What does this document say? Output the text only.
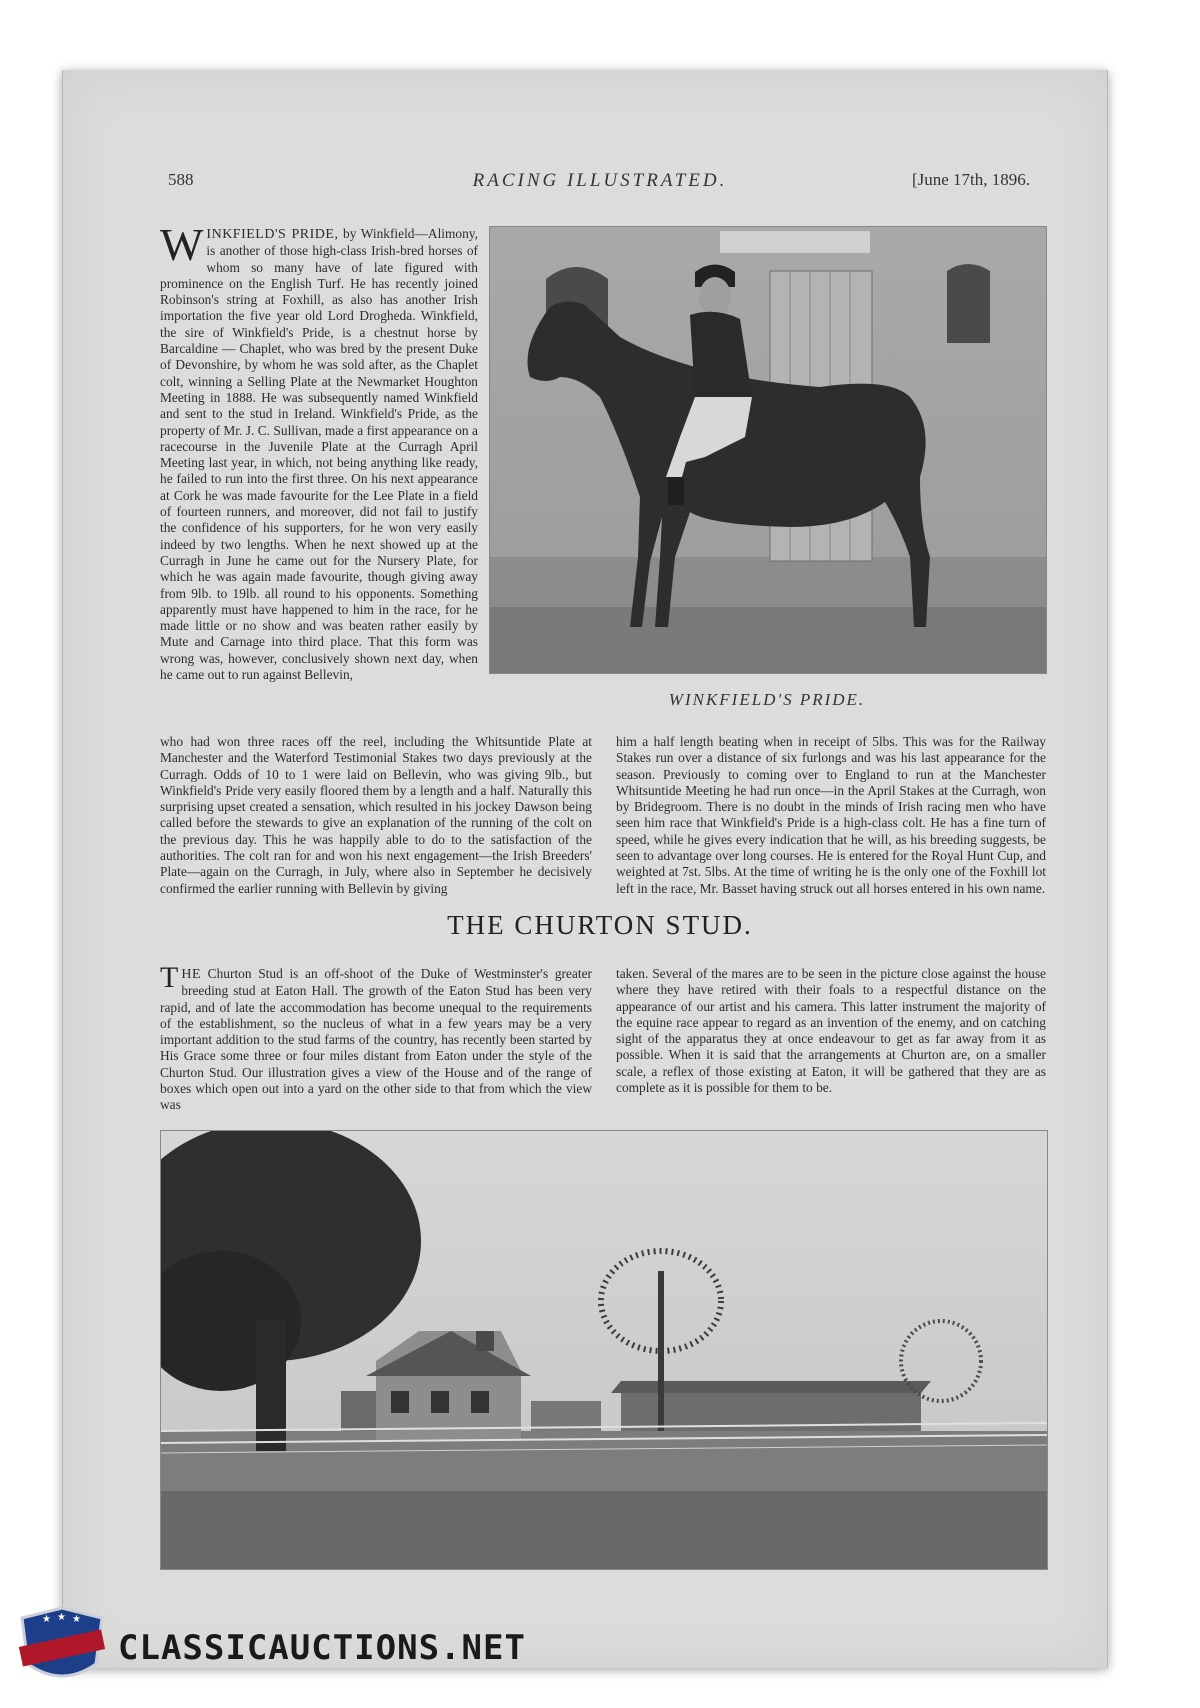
588	RACING ILLUSTRATED.	[June 17th, 1896.

WINKFIELD'S PRIDE, by Winkfield—Alimony, is another of those high-class Irish-bred horses of whom so many have of late figured with prominence on the English Turf. He has recently joined Robinson's string at Foxhill, as also has another Irish importation the five year old Lord Drogheda. Winkfield, the sire of Winkfield's Pride, is a chestnut horse by Barcaldine — Chaplet, who was bred by the present Duke of Devonshire, by whom he was sold after, as the Chaplet colt, winning a Selling Plate at the Newmarket Houghton Meeting in 1888. He was subsequently named Winkfield and sent to the stud in Ireland. Winkfield's Pride, as the property of Mr. J. C. Sullivan, made a first appearance on a racecourse in the Juvenile Plate at the Curragh April Meeting last year, in which, not being anything like ready, he failed to run into the first three. On his next appearance at Cork he was made favourite for the Lee Plate in a field of fourteen runners, and moreover, did not fail to justify the confidence of his supporters, for he won very easily indeed by two lengths. When he next showed up at the Curragh in June he came out for the Nursery Plate, for which he was again made favourite, though giving away from 9lb. to 19lb. all round to his opponents. Something apparently must have happened to him in the race, for he made little or no show and was beaten rather easily by Mute and Carnage into third place. That this form was wrong was, however, conclusively shown next day, when he came out to run against Bellevin,

WINKFIELD'S PRIDE.

who had won three races off the reel, including the Whitsuntide Plate at Manchester and the Waterford Testimonial Stakes two days previously at the Curragh. Odds of 10 to 1 were laid on Bellevin, who was giving 9lb., but Winkfield's Pride very easily floored them by a length and a half. Naturally this surprising upset created a sensation, which resulted in his jockey Dawson being called before the stewards to give an explanation of the running of the colt on the previous day. This he was happily able to do to the satisfaction of the authorities. The colt ran for and won his next engagement—the Irish Breeders' Plate—again on the Curragh, in July, where also in September he decisively confirmed the earlier running with Bellevin by giving

him a half length beating when in receipt of 5lbs. This was for the Railway Stakes run over a distance of six furlongs and was his last appearance for the season. Previously to coming over to England to run at the Manchester Whitsuntide Meeting he had run once—in the April Stakes at the Curragh, won by Bridegroom. There is no doubt in the minds of Irish racing men who have seen him race that Winkfield's Pride is a high-class colt. He has a fine turn of speed, while he gives every indication that he will, as his breeding suggests, be seen to advantage over long courses. He is entered for the Royal Hunt Cup, and weighted at 7st. 5lbs. At the time of writing he is the only one of the Foxhill lot left in the race, Mr. Basset having struck out all horses entered in his own name.

THE CHURTON STUD.

THE Churton Stud is an off-shoot of the Duke of Westminster's greater breeding stud at Eaton Hall. The growth of the Eaton Stud has been very rapid, and of late the accommodation has become unequal to the requirements of the establishment, so the nucleus of what in a few years may be a very important addition to the stud farms of the country, has recently been started by His Grace some three or four miles distant from Eaton under the style of the Churton Stud. Our illustration gives a view of the House and of the range of boxes which open out into a yard on the other side to that from which the view was

taken. Several of the mares are to be seen in the picture close against the house where they have retired with their foals to a respectful distance on the appearance of our artist and his camera. This latter instrument the majority of the equine race appear to regard as an invention of the enemy, and on catching sight of the apparatus they at once endeavour to get as far away from it as possible. When it is said that the arrangements at Churton are, on a smaller scale, a reflex of those existing at Eaton, it will be gathered that they are as complete as it is possible for them to be.

★ ★ ★
CLASSICAUCTIONS.NET
